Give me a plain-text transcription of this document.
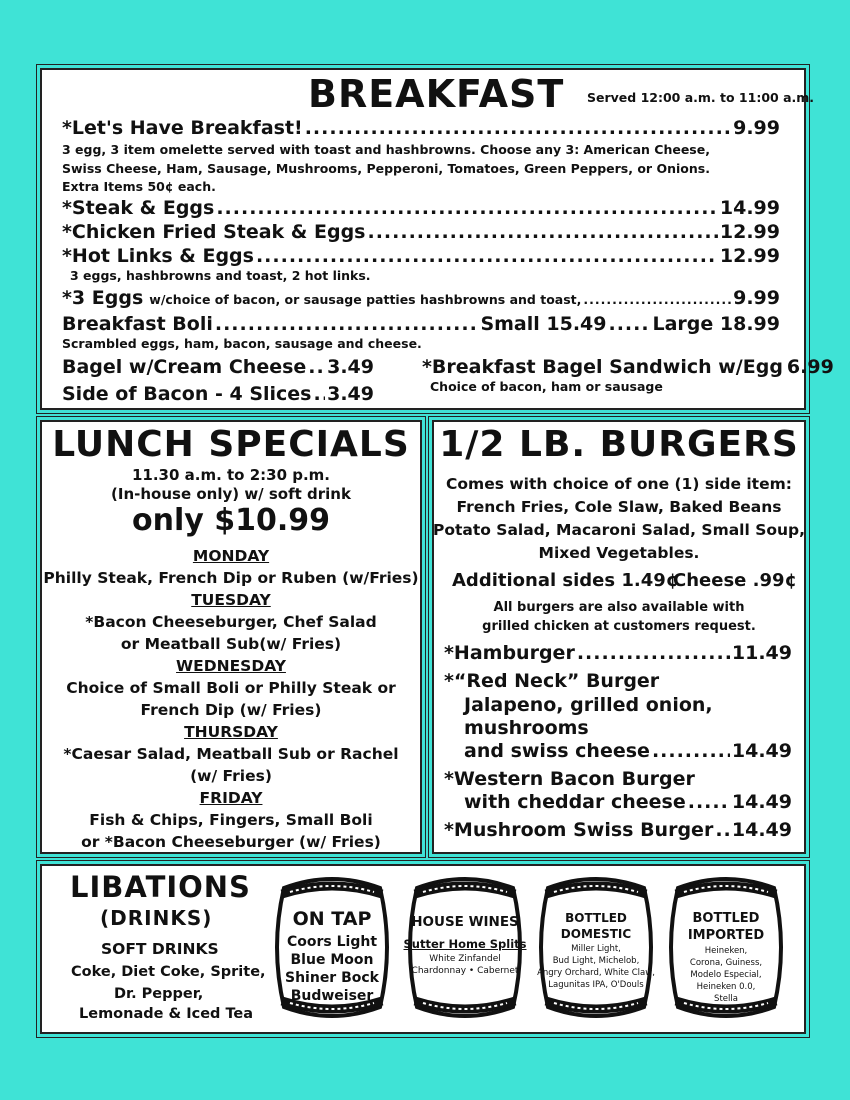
BREAKFAST Served 12:00 a.m. to 11:00 a.m.
*Let's Have Breakfast! .....	9.99
3 egg, 3 item omelette served with toast and hashbrowns. Choose any 3: American Cheese,
Swiss Cheese, Ham, Sausage, Mushrooms, Pepperoni, Tomatoes, Green Peppers, or Onions.
Extra Items 50¢ each.
*Steak & Eggs .....	14.99
*Chicken Fried Steak & Eggs .....	12.99
*Hot Links & Eggs .....	12.99
3 eggs, hashbrowns and toast, 2 hot links.
*3 Eggs w/choice of bacon, or sausage patties hashbrowns and toast, .....	9.99
Breakfast Boli .....	Small 15.49 ..... Large 18.99
Scrambled eggs, ham, bacon, sausage and cheese.
Bagel w/Cream Cheese ..... 3.49
Side of Bacon - 4 Slices ..... 3.49
*Breakfast Bagel Sandwich w/Egg 6.99
Choice of bacon, ham or sausage
LUNCH SPECIALS
11.30 a.m. to 2:30 p.m.
(In-house only) w/ soft drink
only $10.99
MONDAY
Philly Steak, French Dip or Ruben (w/Fries)
TUESDAY
*Bacon Cheeseburger, Chef Salad
or Meatball Sub(w/ Fries)
WEDNESDAY
Choice of Small Boli or Philly Steak or
French Dip (w/ Fries)
THURSDAY
*Caesar Salad, Meatball Sub or Rachel
(w/ Fries)
FRIDAY
Fish & Chips, Fingers, Small Boli
or *Bacon Cheeseburger (w/ Fries)
1/2 LB. BURGERS
Comes with choice of one (1) side item:
French Fries, Cole Slaw, Baked Beans
Potato Salad, Macaroni Salad, Small Soup,
Mixed Vegetables.
Additional sides 1.49¢
Cheese .99¢
All burgers are also available with
grilled chicken at customers request.
*Hamburger .....	11.49
*“Red Neck” Burger
Jalapeno, grilled onion,
mushrooms
and swiss cheese .....	14.49
*Western Bacon Burger
with cheddar cheese ..... 14.49
*Mushroom Swiss Burger ..... 14.49
LIBATIONS
(DRINKS)
SOFT DRINKS
Coke, Diet Coke, Sprite,
Dr. Pepper,
Lemonade & Iced Tea
ON TAP
Coors Light
Blue Moon
Shiner Bock
Budweiser
HOUSE WINES
Sutter Home Splits
White Zinfandel
Chardonnay • Cabernet
BOTTLED DOMESTIC
Miller Light,
Bud Light, Michelob,
Angry Orchard, White Claw,
Lagunitas IPA, O'Douls
BOTTLED IMPORTED
Heineken,
Corona, Guiness,
Modelo Especial,
Heineken 0.0,
Stella
